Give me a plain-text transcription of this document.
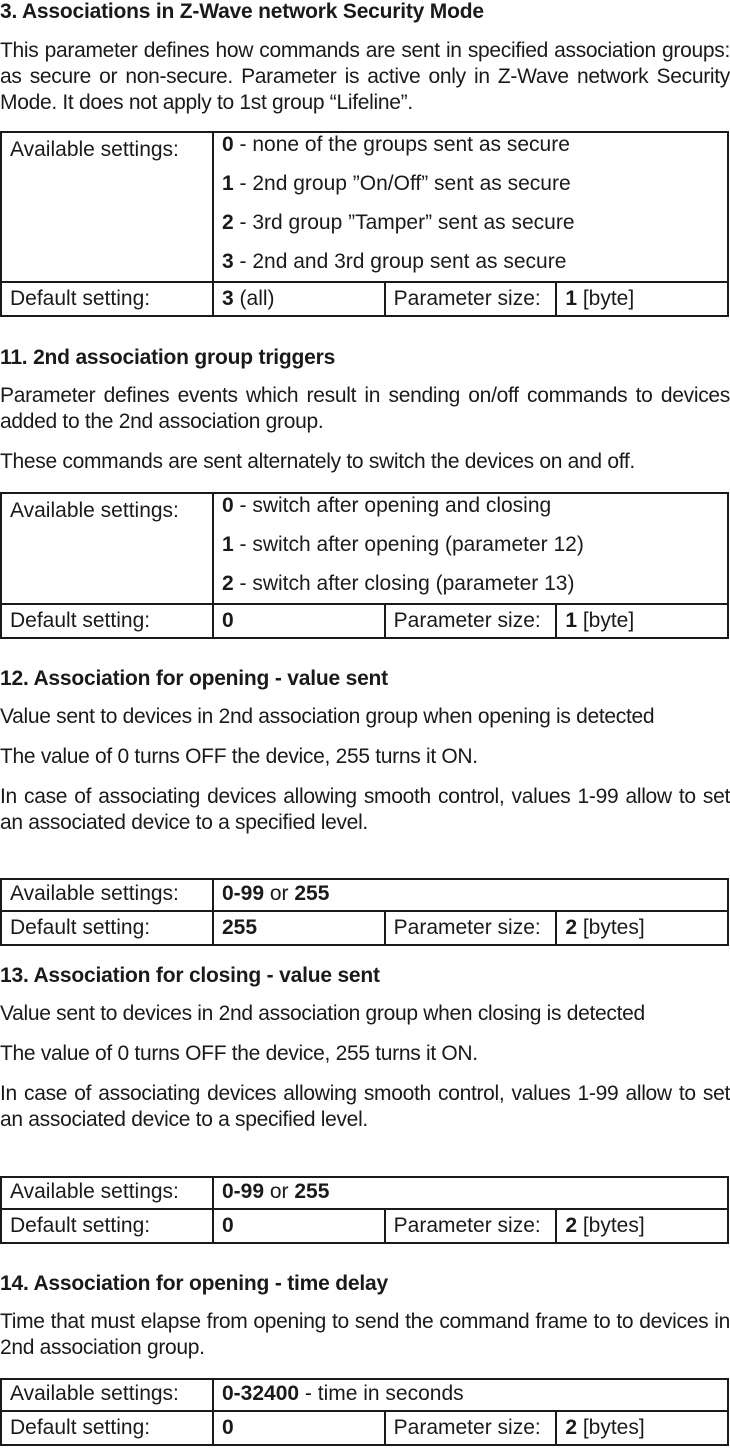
3. Associations in Z-Wave network Security Mode

This parameter defines how commands are sent in specified association groups: as secure or non-secure. Parameter is active only in Z-Wave network Security Mode. It does not apply to 1st group “Lifeline”.

Available settings:	0 - none of the groups sent as secure
1 - 2nd group ”On/Off” sent as secure
2 - 3rd group ”Tamper” sent as secure
3 - 2nd and 3rd group sent as secure		

Default setting:	3 (all)	Parameter size:	1 [byte]
11. 2nd association group triggers

Parameter defines events which result in sending on/off commands to devices added to the 2nd association group.

These commands are sent alternately to switch the devices on and off.

Available settings:	0 - switch after opening and closing
1 - switch after opening (parameter 12)
2 - switch after closing (parameter 13)		

Default setting:	0	Parameter size:	1 [byte]
12. Association for opening - value sent

Value sent to devices in 2nd association group when opening is detected

The value of 0 turns OFF the device, 255 turns it ON.

In case of associating devices allowing smooth control, values 1-99 allow to set an associated device to a specified level.

Available settings:	0-99 or 255		
Default setting:	255	Parameter size:	2 [bytes]
13. Association for closing - value sent

Value sent to devices in 2nd association group when closing is detected

The value of 0 turns OFF the device, 255 turns it ON.

In case of associating devices allowing smooth control, values 1-99 allow to set an associated device to a specified level.

Available settings:	0-99 or 255		
Default setting:	0	Parameter size:	2 [bytes]
14. Association for opening - time delay

Time that must elapse from opening to send the command frame to to devices in 2nd association group.

Available settings:	0-32400 - time in seconds		
Default setting:	0	Parameter size:	2 [bytes]
